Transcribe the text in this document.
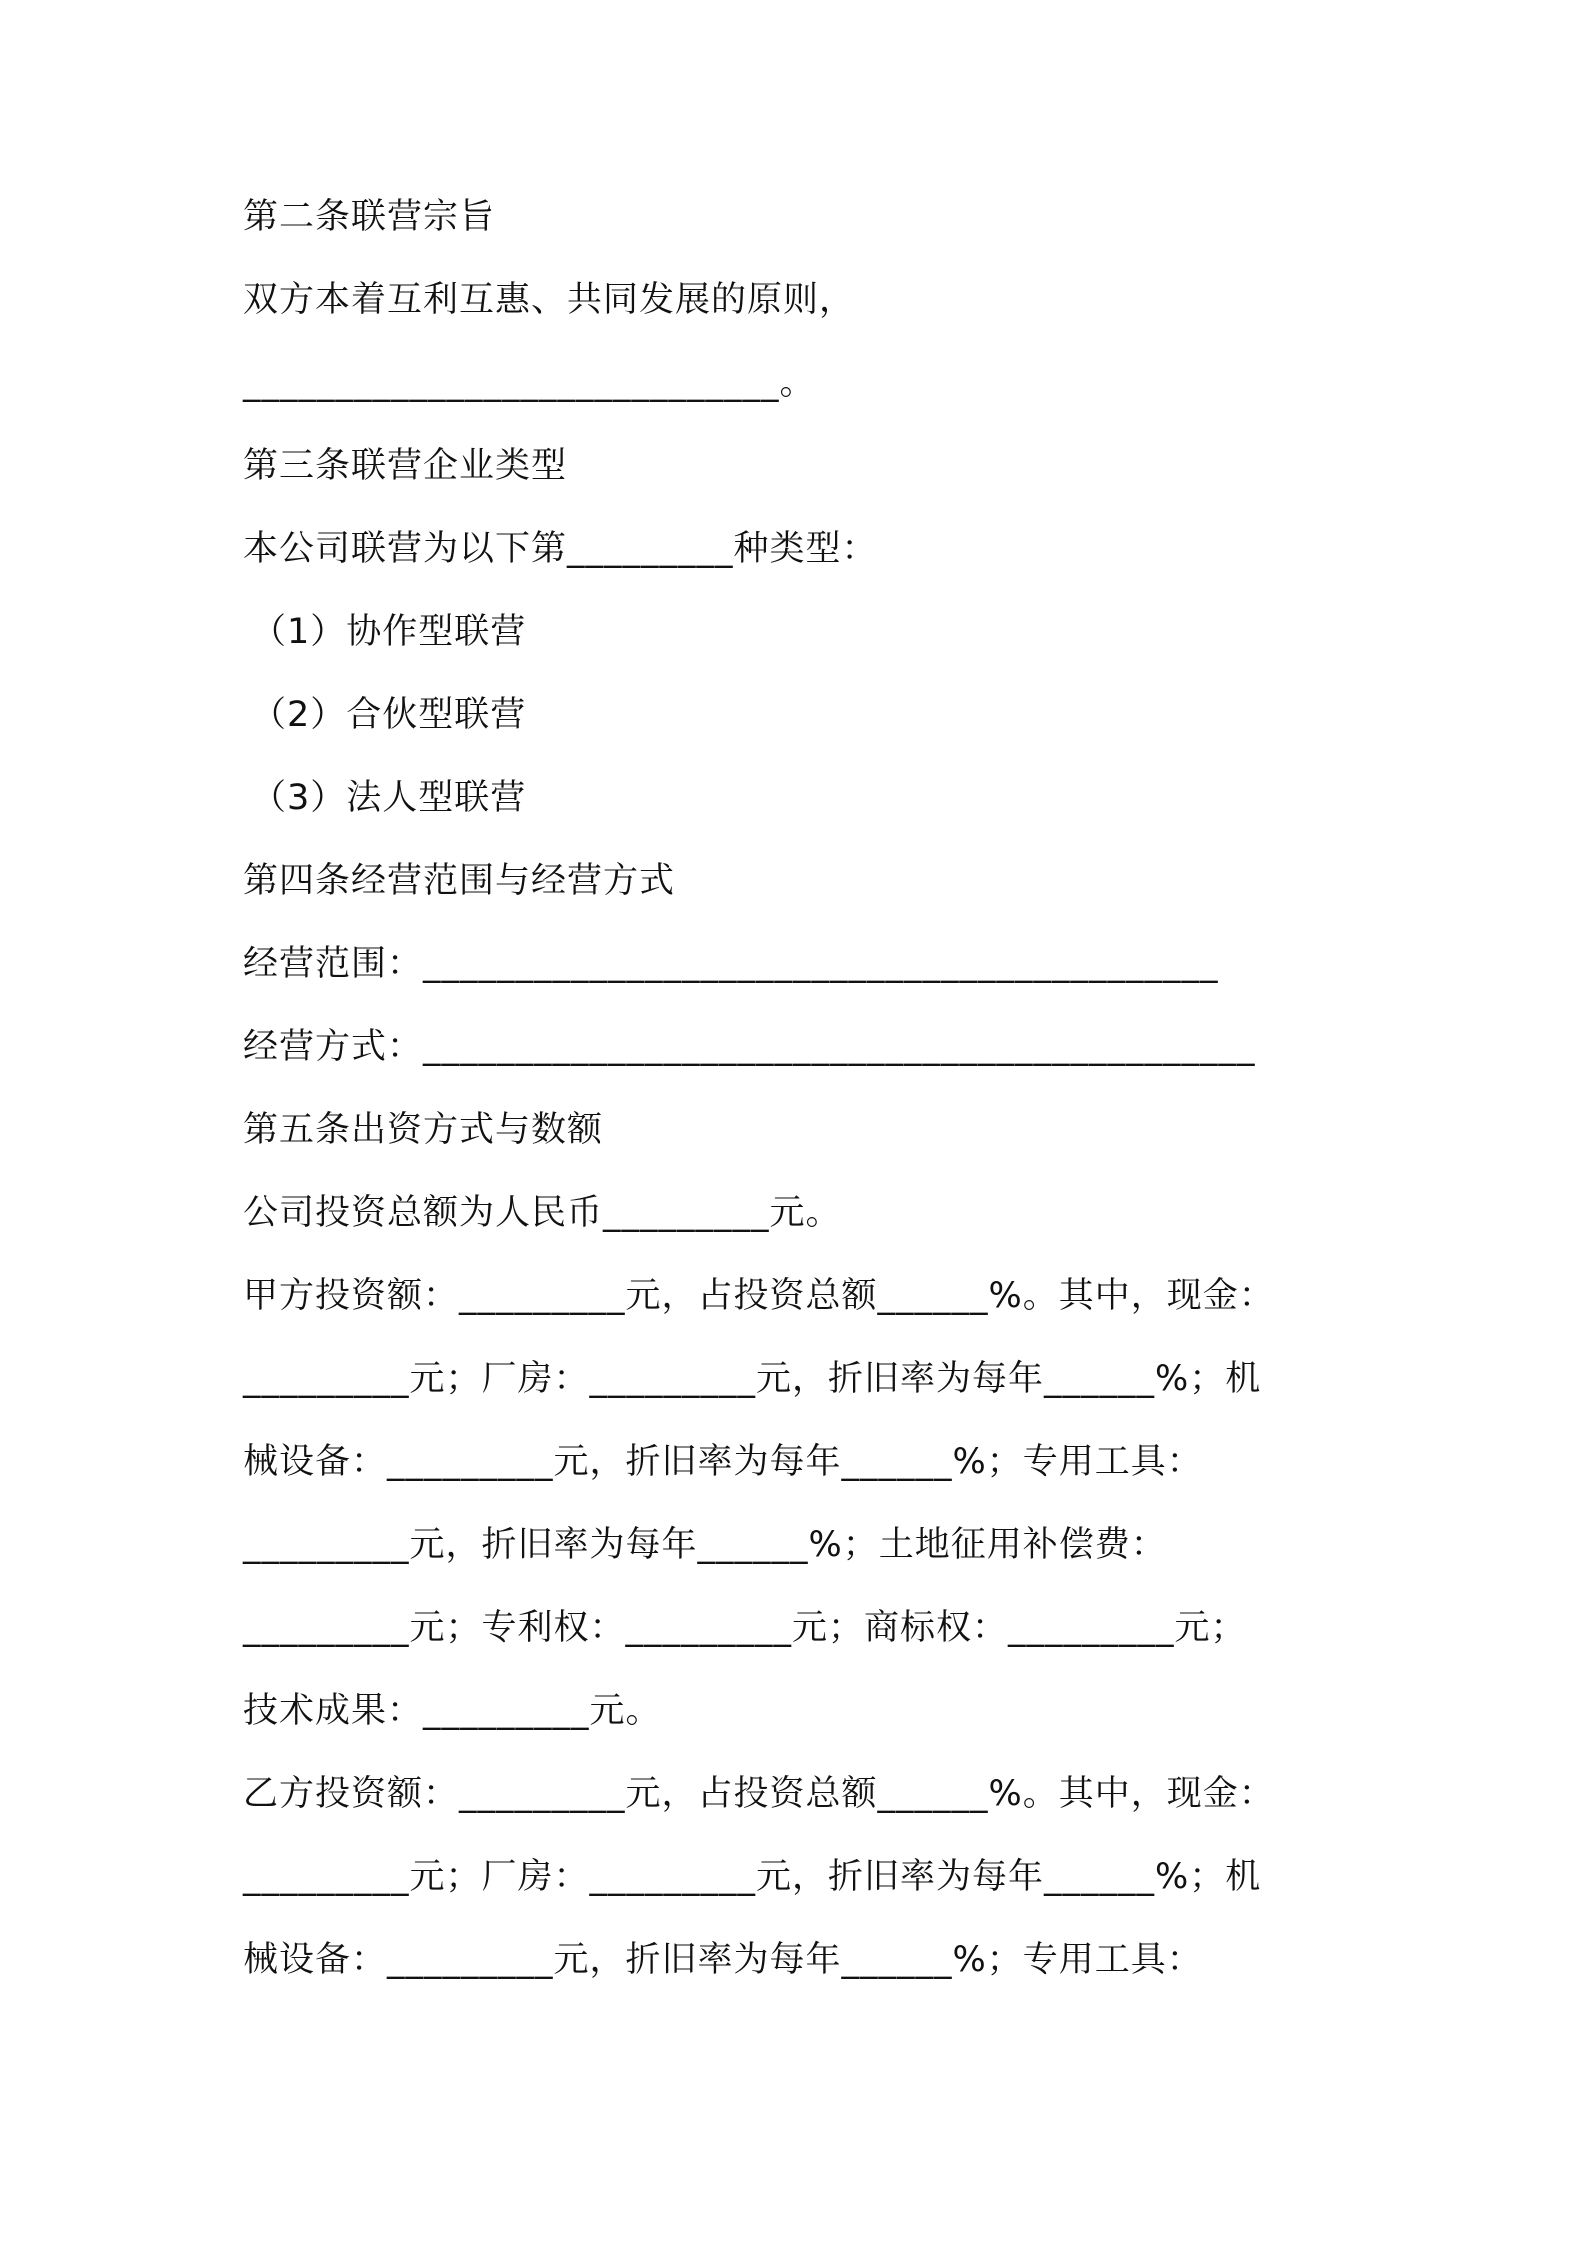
第二条联营宗旨
双方本着互利互惠、共同发展的原则，
_____________________________。
第三条联营企业类型
本公司联营为以下第_________种类型：
（1）协作型联营
（2）合伙型联营
（3）法人型联营
第四条经营范围与经营方式
经营范围：___________________________________________
经营方式：_____________________________________________
第五条出资方式与数额
公司投资总额为人民币_________元。
甲方投资额：_________元，占投资总额______%。其中，现金：
_________元；厂房：_________元，折旧率为每年______%；机
械设备：_________元，折旧率为每年______%；专用工具：
_________元，折旧率为每年______%；土地征用补偿费：
_________元；专利权：_________元；商标权：_________元；
技术成果：_________元。
乙方投资额：_________元，占投资总额______%。其中，现金：
_________元；厂房：_________元，折旧率为每年______%；机
械设备：_________元，折旧率为每年______%；专用工具：
